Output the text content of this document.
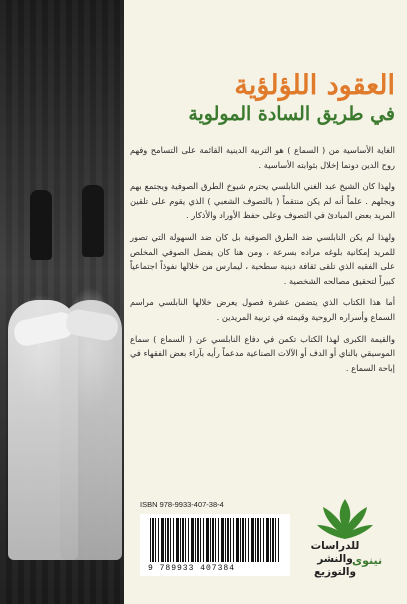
العقود اللؤلؤية
في طريق السادة المولوية

الغاية الأساسية من ( السماع ) هو التربية الدينية القائمة على التسامح وفهم روح الدين دونما إخلال بثوابته الأساسية .

ولهذا كان الشيخ عبد الغني النابلسي يحترم شيوخ الطرق الصوفية ويجتمع بهم ويجلهم . علماً أنه لم يكن منتقماً ( بالتصوف الشعبي ) الذي يقوم على تلقين المريد بعض المبادئ في التصوف وعلى حفظ الأوراد والأذكار .

ولهذا لم يكن النابلسي ضد الطرق الصوفية بل كان ضد السهولة التي تصور للمريد إمكانية بلوغه مراده بسرعة ، ومن هنا كان يفضل الصوفي المخلص على الفقيه الذي تلقى ثقافة دينية سطحية ، ليمارس من خلالها نفوذاً اجتماعياً كبيراً لتحقيق مصالحه الشخصية .

أما هذا الكتاب الذي يتضمن عشرة فصول يعرض خلالها النابلسي مراسم السماع وأسراره الروحية وقيمته في تربية المريدين .

والقيمة الكبرى لهذا الكتاب تكمن في دفاع النابلسي عن ( السماع ) سماع الموسيقي بالناي أو الدف أو الآلات الصناعية مدعماً رأيه بآراء بعض الفقهاء في إباحة السماع .

ISBN 978-9933-407-38-4
9 789933 407384
للدراسات
والنشر
والتوزيع
نينوى
